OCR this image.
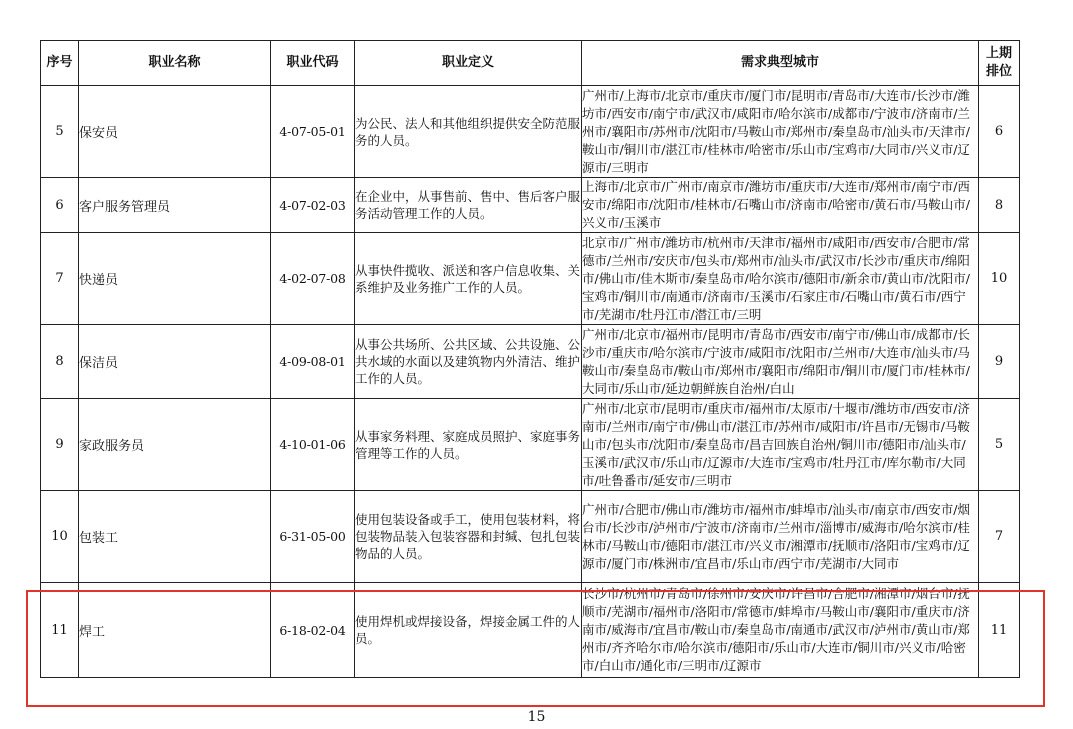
序号	职业名称	职业代码	职业定义	需求典型城市	上期
排位

5	保安员	4-07-05-01	为公民、法人和其他组织提供安全防范服务的人员。	广州市/上海市/北京市/重庆市/厦门市/昆明市/青岛市/大连市/长沙市/潍坊市/西安市/南宁市/武汉市/咸阳市/哈尔滨市/成都市/宁波市/济南市/兰州市/襄阳市/苏州市/沈阳市/马鞍山市/郑州市/秦皇岛市/汕头市/天津市/鞍山市/铜川市/湛江市/桂林市/哈密市/乐山市/宝鸡市/大同市/兴义市/辽源市/三明市	6
6	客户服务管理员	4-07-02-03	在企业中，从事售前、售中、售后客户服务活动管理工作的人员。	上海市/北京市/广州市/南京市/潍坊市/重庆市/大连市/郑州市/南宁市/西安市/绵阳市/沈阳市/桂林市/石嘴山市/济南市/哈密市/黄石市/马鞍山市/兴义市/玉溪市	8
7	快递员	4-02-07-08	从事快件揽收、派送和客户信息收集、关系维护及业务推广工作的人员。	北京市/广州市/潍坊市/杭州市/天津市/福州市/咸阳市/西安市/合肥市/常德市/兰州市/安庆市/包头市/郑州市/汕头市/武汉市/长沙市/重庆市/绵阳市/佛山市/佳木斯市/秦皇岛市/哈尔滨市/德阳市/新余市/黄山市/沈阳市/宝鸡市/铜川市/南通市/济南市/玉溪市/石家庄市/石嘴山市/黄石市/西宁市/芜湖市/牡丹江市/潜江市/三明	10
8	保洁员	4-09-08-01	从事公共场所、公共区域、公共设施、公共水域的水面以及建筑物内外清洁、维护工作的人员。	广州市/北京市/福州市/昆明市/青岛市/西安市/南宁市/佛山市/成都市/长沙市/重庆市/哈尔滨市/宁波市/咸阳市/沈阳市/兰州市/大连市/汕头市/马鞍山市/秦皇岛市/鞍山市/郑州市/襄阳市/绵阳市/铜川市/厦门市/桂林市/大同市/乐山市/延边朝鲜族自治州/白山	9
9	家政服务员	4-10-01-06	从事家务料理、家庭成员照护、家庭事务管理等工作的人员。	广州市/北京市/昆明市/重庆市/福州市/太原市/十堰市/潍坊市/西安市/济南市/兰州市/南宁市/佛山市/湛江市/苏州市/咸阳市/许昌市/无锡市/马鞍山市/包头市/沈阳市/秦皇岛市/昌吉回族自治州/铜川市/德阳市/汕头市/玉溪市/武汉市/乐山市/辽源市/大连市/宝鸡市/牡丹江市/库尔勒市/大同市/吐鲁番市/延安市/三明市	5
10	包装工	6-31-05-00	使用包装设备或手工，使用包装材料，将包装物品装入包装容器和封缄、包扎包装物品的人员。	广州市/合肥市/佛山市/潍坊市/福州市/蚌埠市/汕头市/南京市/西安市/烟台市/长沙市/泸州市/宁波市/济南市/兰州市/淄博市/威海市/哈尔滨市/桂林市/马鞍山市/德阳市/湛江市/兴义市/湘潭市/抚顺市/洛阳市/宝鸡市/辽源市/厦门市/株洲市/宜昌市/乐山市/西宁市/芜湖市/大同市	7
11	焊工	6-18-02-04	使用焊机或焊接设备，焊接金属工件的人员。	长沙市/杭州市/青岛市/徐州市/安庆市/许昌市/合肥市/湘潭市/烟台市/抚顺市/芜湖市/福州市/洛阳市/常德市/蚌埠市/马鞍山市/襄阳市/重庆市/济南市/威海市/宜昌市/鞍山市/秦皇岛市/南通市/武汉市/泸州市/黄山市/郑州市/齐齐哈尔市/哈尔滨市/德阳市/乐山市/大连市/铜川市/兴义市/哈密市/白山市/通化市/三明市/辽源市	11
15
